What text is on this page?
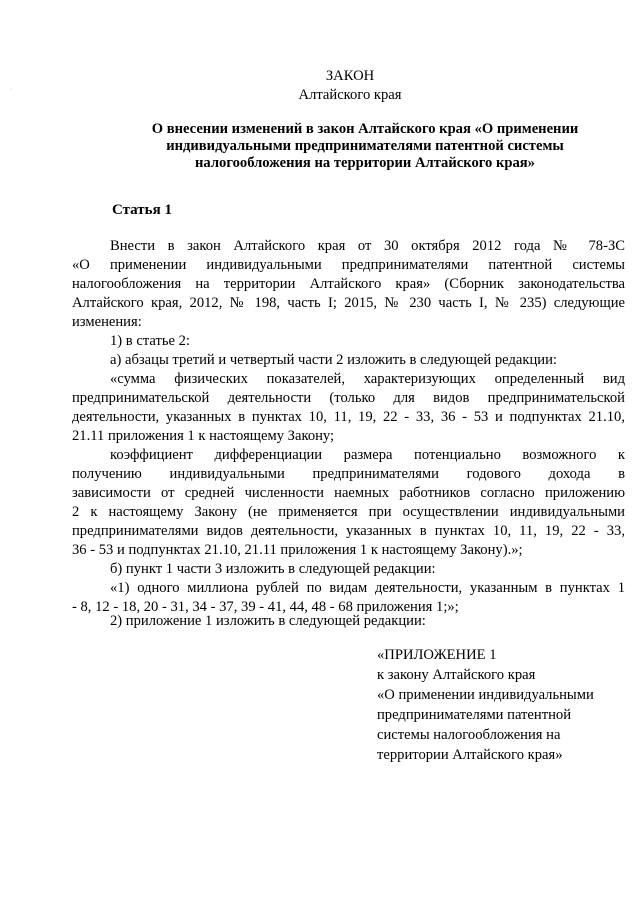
·
ЗАКОН
Алтайского края
О внесении изменений в закон Алтайского края «О применении
индивидуальными предпринимателями патентной системы
налогообложения на территории Алтайского края»
Статья 1
Внести в закон Алтайского края от 30 октября 2012 года № 78-ЗС
«О применении индивидуальными предпринимателями патентной системы
налогообложения на территории Алтайского края» (Сборник законодательства
Алтайского края, 2012, № 198, часть I; 2015, № 230 часть I, № 235) следующие
изменения:
1) в статье 2:
а) абзацы третий и четвертый части 2 изложить в следующей редакции:
«сумма физических показателей, характеризующих определенный вид
предпринимательской деятельности (только для видов предпринимательской
деятельности, указанных в пунктах 10, 11, 19, 22 - 33, 36 - 53 и подпунктах 21.10,
21.11 приложения 1 к настоящему Закону;
коэффициент дифференциации размера потенциально возможного к
получению индивидуальными предпринимателями годового дохода в
зависимости от средней численности наемных работников согласно приложению
2 к настоящему Закону (не применяется при осуществлении индивидуальными
предпринимателями видов деятельности, указанных в пунктах 10, 11, 19, 22 - 33,
36 - 53 и подпунктах 21.10, 21.11 приложения 1 к настоящему Закону).»;
б) пункт 1 части 3 изложить в следующей редакции:
«1) одного миллиона рублей по видам деятельности, указанным в пунктах 1
- 8, 12 - 18, 20 - 31, 34 - 37, 39 - 41, 44, 48 - 68 приложения 1;»;
2) приложение 1 изложить в следующей редакции:
«ПРИЛОЖЕНИЕ 1
к закону Алтайского края
«О применении индивидуальными
предпринимателями патентной
системы налогообложения на
территории Алтайского края»
